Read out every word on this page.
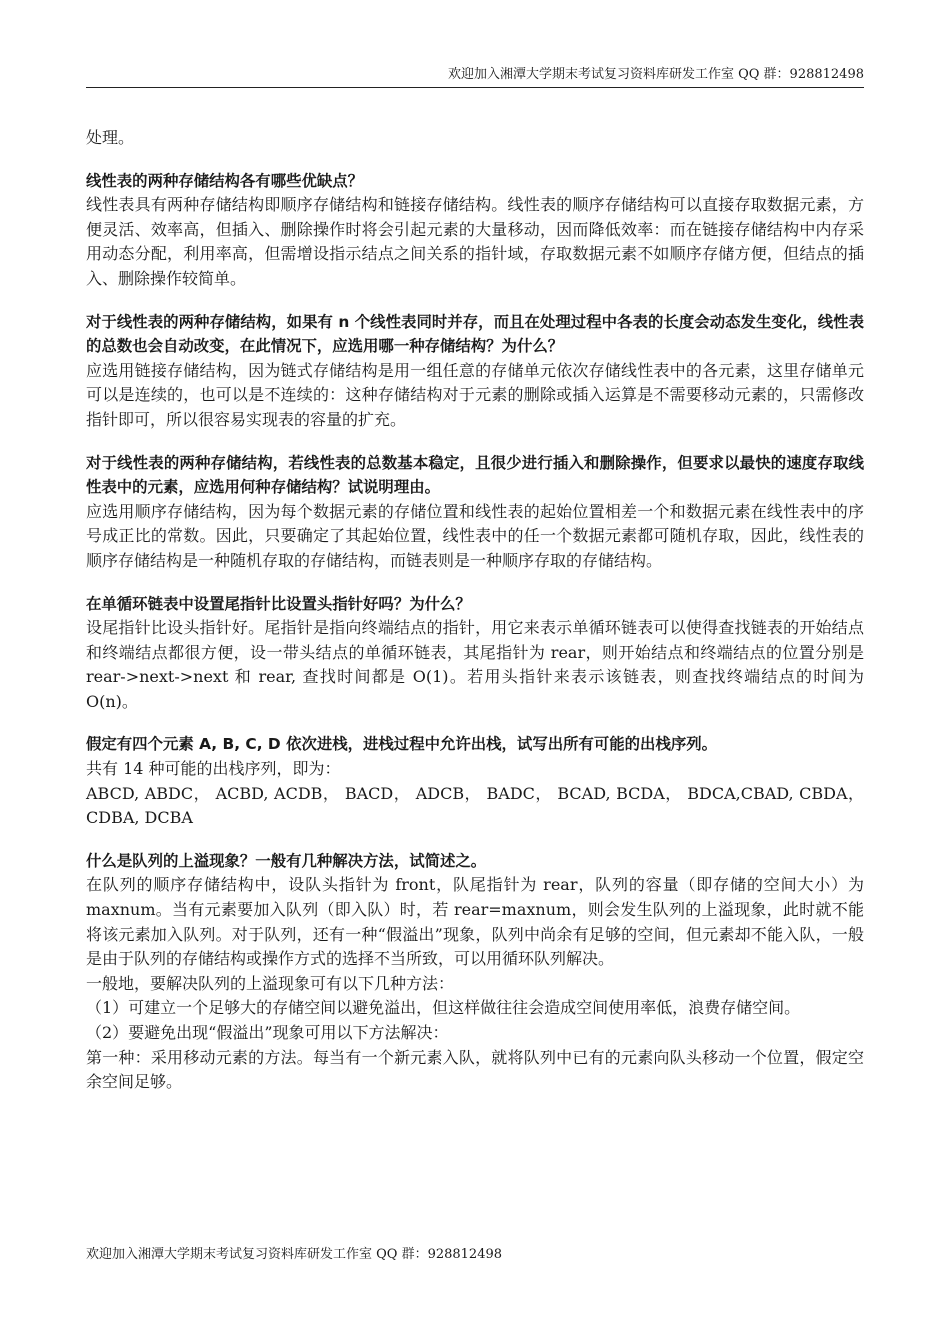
欢迎加入湘潭大学期末考试复习资料库研发工作室 QQ 群：928812498

处理。

线性表的两种存储结构各有哪些优缺点？

线性表具有两种存储结构即顺序存储结构和链接存储结构。线性表的顺序存储结构可以直接存取数据元素，方便灵活、效率高，但插入、删除操作时将会引起元素的大量移动，因而降低效率：而在链接存储结构中内存采用动态分配，利用率高，但需增设指示结点之间关系的指针域，存取数据元素不如顺序存储方便，但结点的插入、删除操作较简单。

对于线性表的两种存储结构，如果有 n 个线性表同时并存，而且在处理过程中各表的长度会动态发生变化，线性表的总数也会自动改变，在此情况下，应选用哪一种存储结构？为什么？

应选用链接存储结构，因为链式存储结构是用一组任意的存储单元依次存储线性表中的各元素，这里存储单元可以是连续的，也可以是不连续的：这种存储结构对于元素的删除或插入运算是不需要移动元素的，只需修改指针即可，所以很容易实现表的容量的扩充。

对于线性表的两种存储结构，若线性表的总数基本稳定，且很少进行插入和删除操作，但要求以最快的速度存取线性表中的元素，应选用何种存储结构？试说明理由。

应选用顺序存储结构，因为每个数据元素的存储位置和线性表的起始位置相差一个和数据元素在线性表中的序号成正比的常数。因此，只要确定了其起始位置，线性表中的任一个数据元素都可随机存取，因此，线性表的顺序存储结构是一种随机存取的存储结构，而链表则是一种顺序存取的存储结构。

在单循环链表中设置尾指针比设置头指针好吗？为什么？

设尾指针比设头指针好。尾指针是指向终端结点的指针，用它来表示单循环链表可以使得查找链表的开始结点和终端结点都很方便，设一带头结点的单循环链表，其尾指针为 rear，则开始结点和终端结点的位置分别是 rear->next->next 和 rear, 查找时间都是 O(1)。若用头指针来表示该链表，则查找终端结点的时间为 O(n)。

假定有四个元素 A, B, C, D 依次进栈，进栈过程中允许出栈，试写出所有可能的出栈序列。

共有 14 种可能的出栈序列，即为：

ABCD, ABDC， ACBD, ACDB， BACD， ADCB， BADC， BCAD, BCDA， BDCA,CBAD, CBDA， CDBA, DCBA

什么是队列的上溢现象？一般有几种解决方法，试简述之。

在队列的顺序存储结构中，设队头指针为 front，队尾指针为 rear，队列的容量（即存储的空间大小）为 maxnum。当有元素要加入队列（即入队）时，若 rear=maxnum，则会发生队列的上溢现象，此时就不能将该元素加入队列。对于队列，还有一种“假溢出”现象，队列中尚余有足够的空间，但元素却不能入队，一般是由于队列的存储结构或操作方式的选择不当所致，可以用循环队列解决。

一般地，要解决队列的上溢现象可有以下几种方法：

（1）可建立一个足够大的存储空间以避免溢出，但这样做往往会造成空间使用率低，浪费存储空间。

（2）要避免出现“假溢出”现象可用以下方法解决：

第一种：采用移动元素的方法。每当有一个新元素入队，就将队列中已有的元素向队头移动一个位置，假定空余空间足够。

欢迎加入湘潭大学期末考试复习资料库研发工作室 QQ 群：928812498
